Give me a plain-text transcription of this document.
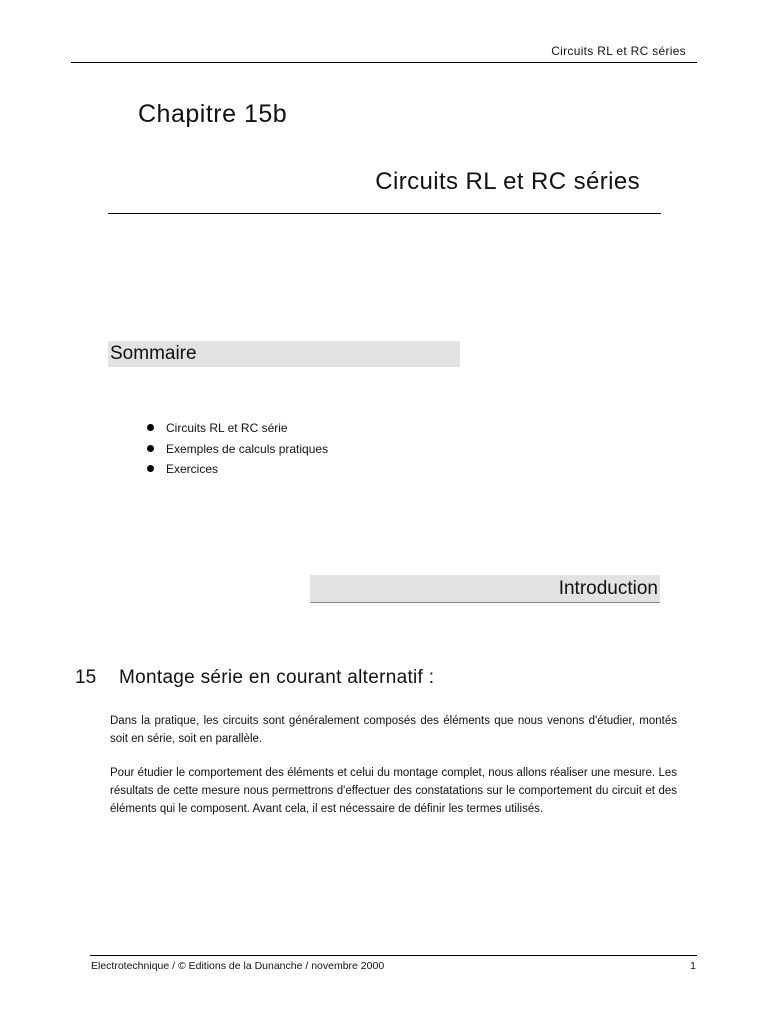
Circuits RL et RC séries
Chapitre 15b
Circuits RL et RC séries
Sommaire
Circuits RL et RC série
Exemples de calculs pratiques
Exercices
Introduction
15 Montage série en courant alternatif :

Dans la pratique, les circuits sont généralement composés des éléments que nous venons d'étudier, montés soit en série, soit en parallèle.

Pour étudier le comportement des éléments et celui du montage complet, nous allons réaliser une mesure. Les résultats de cette mesure nous permettrons d'effectuer des constatations sur le comportement du circuit et des éléments qui le composent. Avant cela, il est nécessaire de définir les termes utilisés.

Electrotechnique / © Editions de la Dunanche / novembre 2000	1
